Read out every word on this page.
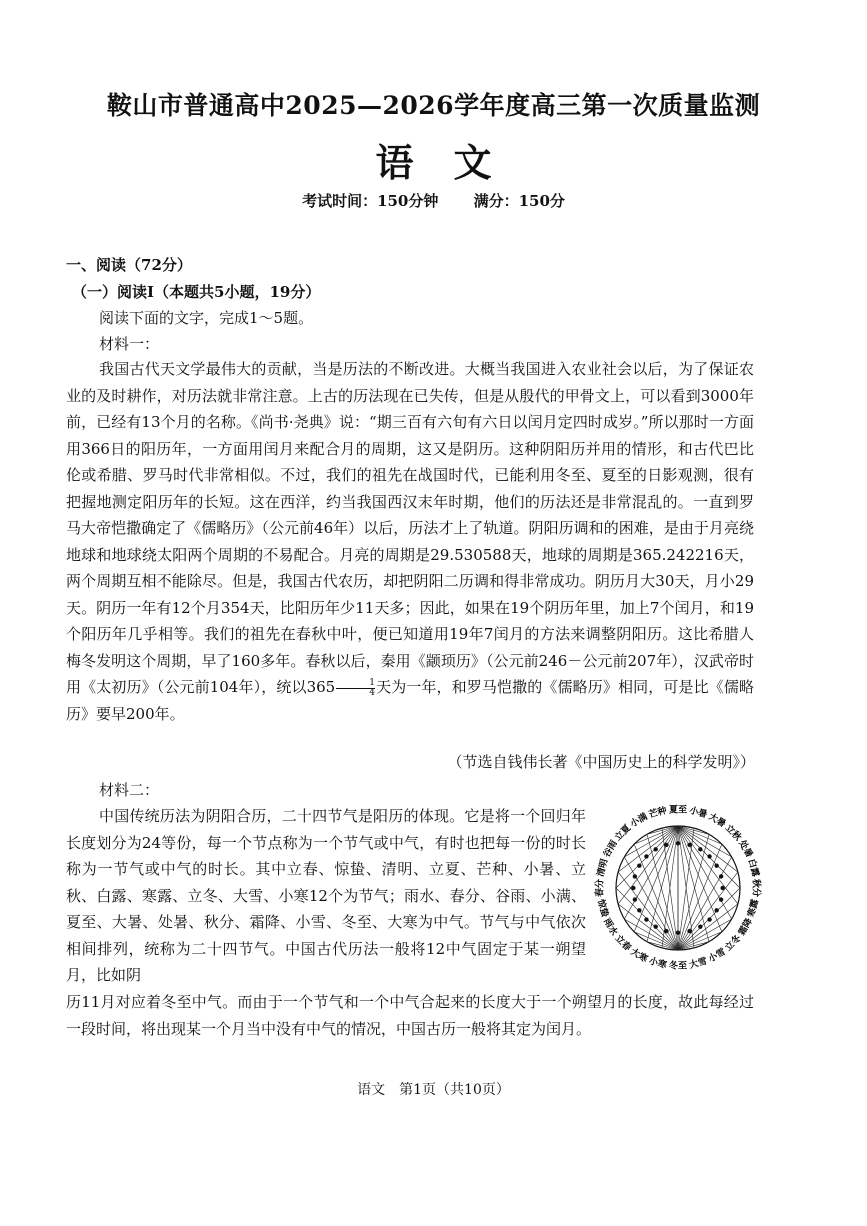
鞍山市普通高中2025—2026学年度高三第一次质量监测
语文
考试时间：150分钟 满分：150分
一、阅读（72分）
（一）阅读Ⅰ（本题共5小题，19分）
阅读下面的文字，完成1～5题。
材料一：

我国古代天文学最伟大的贡献，当是历法的不断改进。大概当我国进入农业社会以后，为了保证农业的及时耕作，对历法就非常注意。上古的历法现在已失传，但是从殷代的甲骨文上，可以看到3000年前，已经有13个月的名称。《尚书·尧典》说：“期三百有六旬有六日以闰月定四时成岁。”所以那时一方面用366日的阳历年，一方面用闰月来配合月的周期，这又是阴历。这种阴阳历并用的情形，和古代巴比伦或希腊、罗马时代非常相似。不过，我们的祖先在战国时代，已能利用冬至、夏至的日影观测，很有把握地测定阳历年的长短。这在西洋，约当我国西汉末年时期，他们的历法还是非常混乱的。一直到罗马大帝恺撒确定了《儒略历》（公元前46年）以后，历法才上了轨道。阴阳历调和的困难，是由于月亮绕地球和地球绕太阳两个周期的不易配合。月亮的周期是29.530588天，地球的周期是365.242216天，两个周期互相不能除尽。但是，我国古代农历，却把阴阳二历调和得非常成功。阴历月大30天，月小29天。阴历一年有12个月354天，比阳历年少11天多；因此，如果在19个阴历年里，加上7个闰月，和19个阳历年几乎相等。我们的祖先在春秋中叶，便已知道用19年7闰月的方法来调整阴阳历。这比希腊人梅冬发明这个周期，早了160多年。春秋以后，秦用《颛顼历》（公元前246－公元前207年），汉武帝时用《太初历》（公元前104年），统以$365 \frac{1}{4}$ 天为一年，和罗马恺撒的《儒略历》相同，可是比《儒略历》要早200年。

（节选自钱伟长著《中国历史上的科学发明》）
材料二：

中国传统历法为阴阳合历，二十四节气是阳历的体现。它是将一个回归年长度划分为24等份，每一个节点称为一个节气或中气，有时也把每一份的时长称为一节气或中气的时长。其中立春、惊蛰、清明、立夏、芒种、小暑、立秋、白露、寒露、立冬、大雪、小寒12个为节气；雨水、春分、谷雨、小满、夏至、大暑、处暑、秋分、霜降、小雪、冬至、大寒为中气。节气与中气依次相间排列，统称为二十四节气。中国古代历法一般将12中气固定于某一朔望月，比如阴

历11月对应着冬至中气。而由于一个节气和一个中气合起来的长度大于一个朔望月的长度，故此每经过一段时间，将出现某一个月当中没有中气的情况，中国古历一般将其定为闰月。

夏至 小暑
大暑
立秋
处暑
白露
秋分
寒露
霜降
立冬
小雪
大雪
冬至
小寒
大寒
立春
雨水
惊蛰
春分
清明
谷雨
立夏
小满
芒种
语文　第1页（共10页）
